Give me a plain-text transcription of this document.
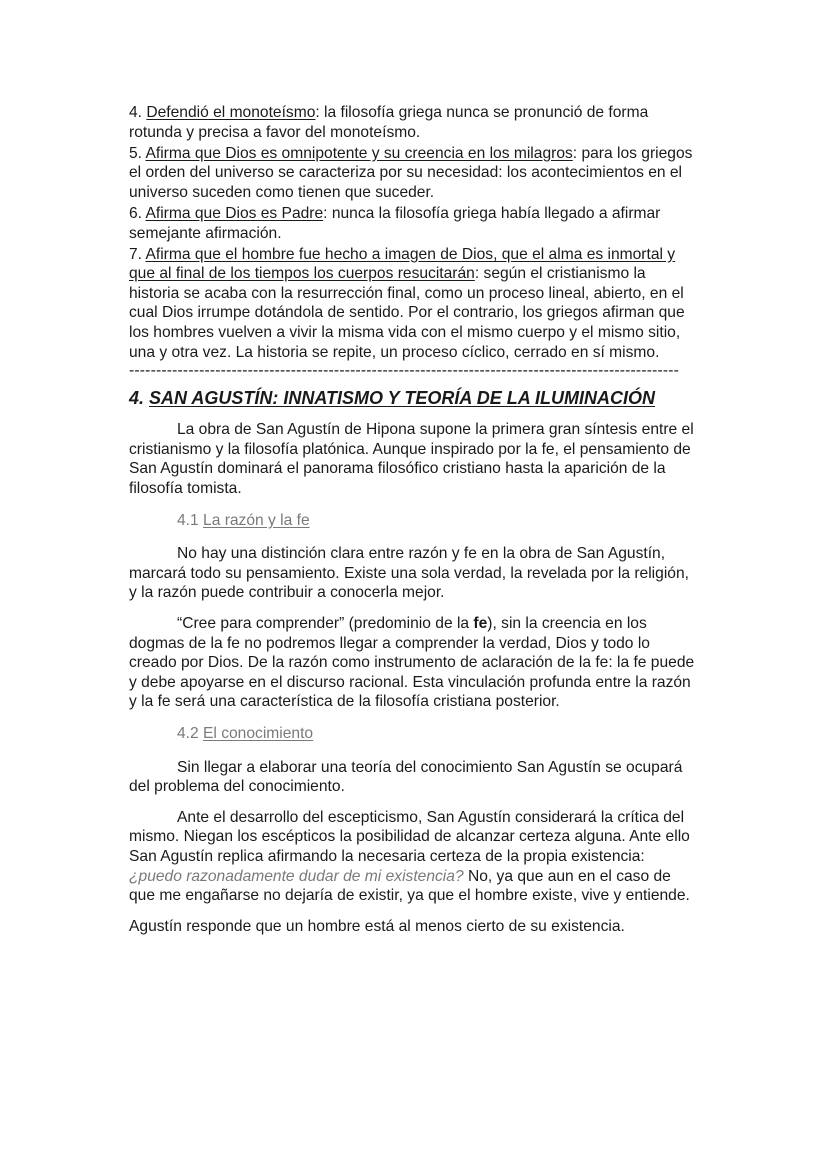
4. Defendió el monoteísmo: la filosofía griega nunca se pronunció de forma rotunda y precisa a favor del monoteísmo.

5. Afirma que Dios es omnipotente y su creencia en los milagros: para los griegos el orden del universo se caracteriza por su necesidad: los acontecimientos en el universo suceden como tienen que suceder.

6. Afirma que Dios es Padre: nunca la filosofía griega había llegado a afirmar semejante afirmación.

7. Afirma que el hombre fue hecho a imagen de Dios, que el alma es inmortal y que al final de los tiempos los cuerpos resucitarán: según el cristianismo la historia se acaba con la resurrección final, como un proceso lineal, abierto, en el cual Dios irrumpe dotándola de sentido. Por el contrario, los griegos afirman que los hombres vuelven a vivir la misma vida con el mismo cuerpo y el mismo sitio, una y otra vez. La historia se repite, un proceso cíclico, cerrado en sí mismo.

------------------------------------------------------------------------------------------------------
4. SAN AGUSTÍN: INNATISMO Y TEORÍA DE LA ILUMINACIÓN

La obra de San Agustín de Hipona supone la primera gran síntesis entre el cristianismo y la filosofía platónica. Aunque inspirado por la fe, el pensamiento de San Agustín dominará el panorama filosófico cristiano hasta la aparición de la filosofía tomista.

4.1 La razón y la fe

No hay una distinción clara entre razón y fe en la obra de San Agustín, marcará todo su pensamiento. Existe una sola verdad, la revelada por la religión, y la razón puede contribuir a conocerla mejor.

“Cree para comprender” (predominio de la fe), sin la creencia en los dogmas de la fe no podremos llegar a comprender la verdad, Dios y todo lo creado por Dios. De la razón como instrumento de aclaración de la fe: la fe puede y debe apoyarse en el discurso racional. Esta vinculación profunda entre la razón y la fe será una característica de la filosofía cristiana posterior.

4.2 El conocimiento

Sin llegar a elaborar una teoría del conocimiento San Agustín se ocupará del problema del conocimiento.

Ante el desarrollo del escepticismo, San Agustín considerará la crítica del mismo. Niegan los escépticos la posibilidad de alcanzar certeza alguna. Ante ello San Agustín replica afirmando la necesaria certeza de la propia existencia: ¿puedo razonadamente dudar de mi existencia? No, ya que aun en el caso de que me engañarse no dejaría de existir, ya que el hombre existe, vive y entiende.

Agustín responde que un hombre está al menos cierto de su existencia.
